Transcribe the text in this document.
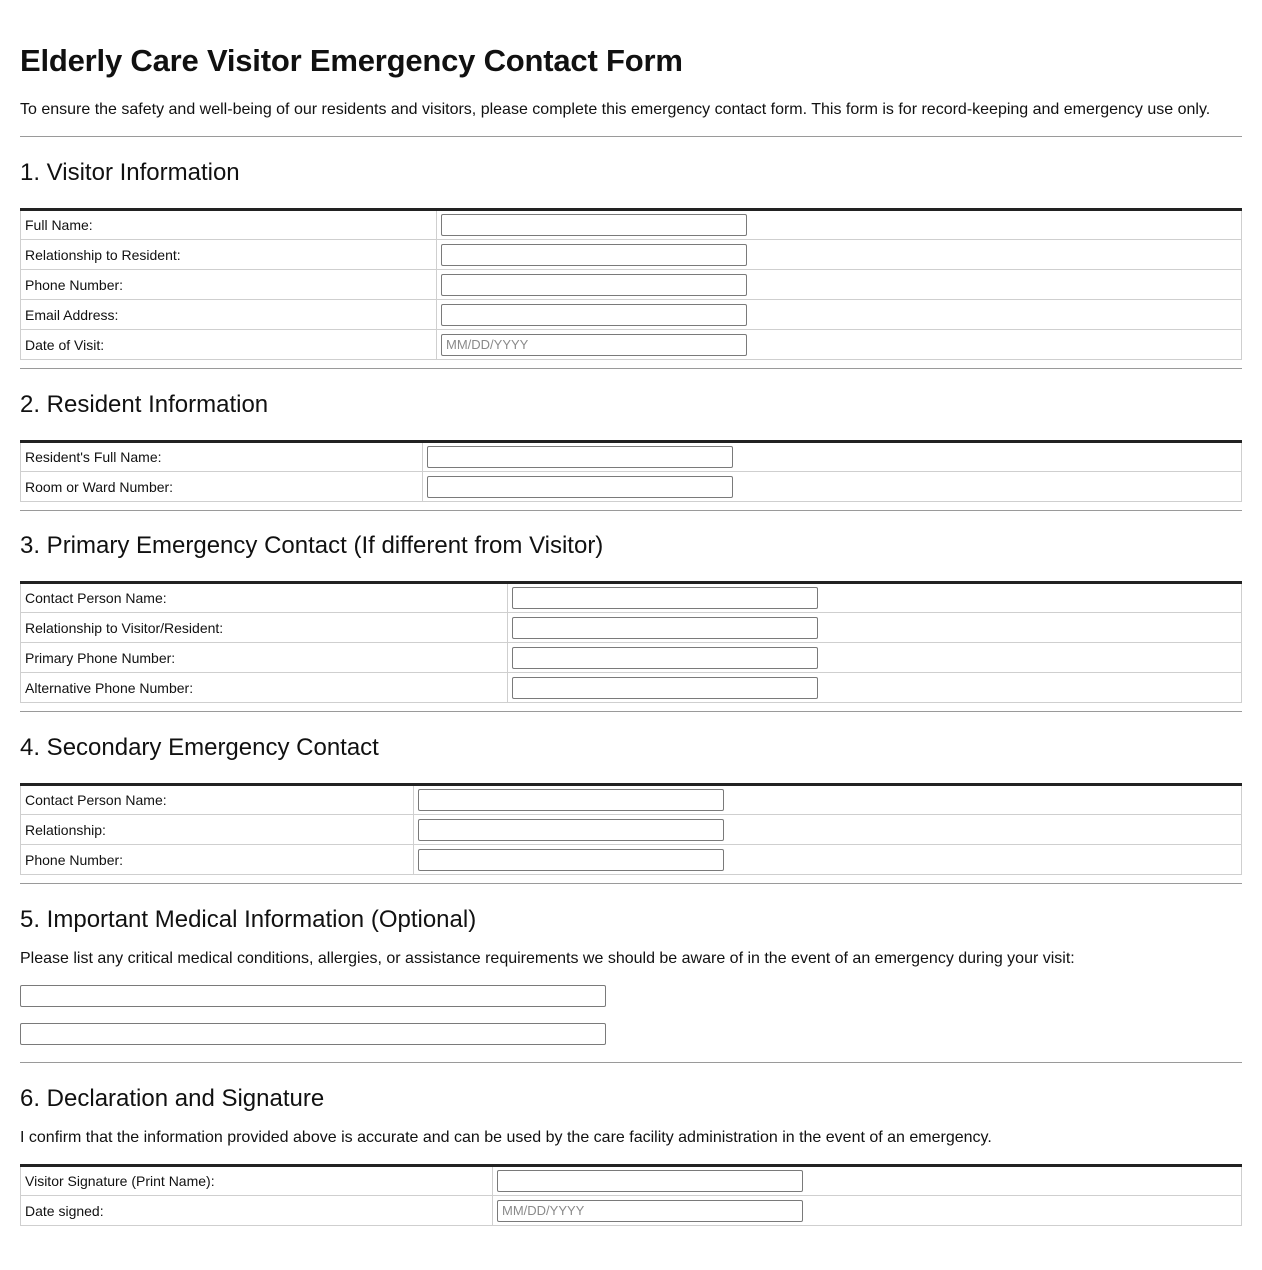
Elderly Care Visitor Emergency Contact Form

To ensure the safety and well-being of our residents and visitors, please complete this emergency contact form. This form is for record-keeping and emergency use only.

1. Visitor Information
Full Name:	

Relationship to Resident:	

Phone Number:	

Email Address:	

Date of Visit:	
MM/DD/YYYY
2. Resident Information
Resident's Full Name:	

Room or Ward Number:	
3. Primary Emergency Contact (If different from Visitor)
Contact Person Name:	

Relationship to Visitor/Resident:	

Primary Phone Number:	

Alternative Phone Number:	
4. Secondary Emergency Contact
Contact Person Name:	

Relationship:	

Phone Number:	
5. Important Medical Information (Optional)

Please list any critical medical conditions, allergies, or assistance requirements we should be aware of in the event of an emergency during your visit:

6. Declaration and Signature

I confirm that the information provided above is accurate and can be used by the care facility administration in the event of an emergency.

Visitor Signature (Print Name):	

Date signed:	
MM/DD/YYYY
